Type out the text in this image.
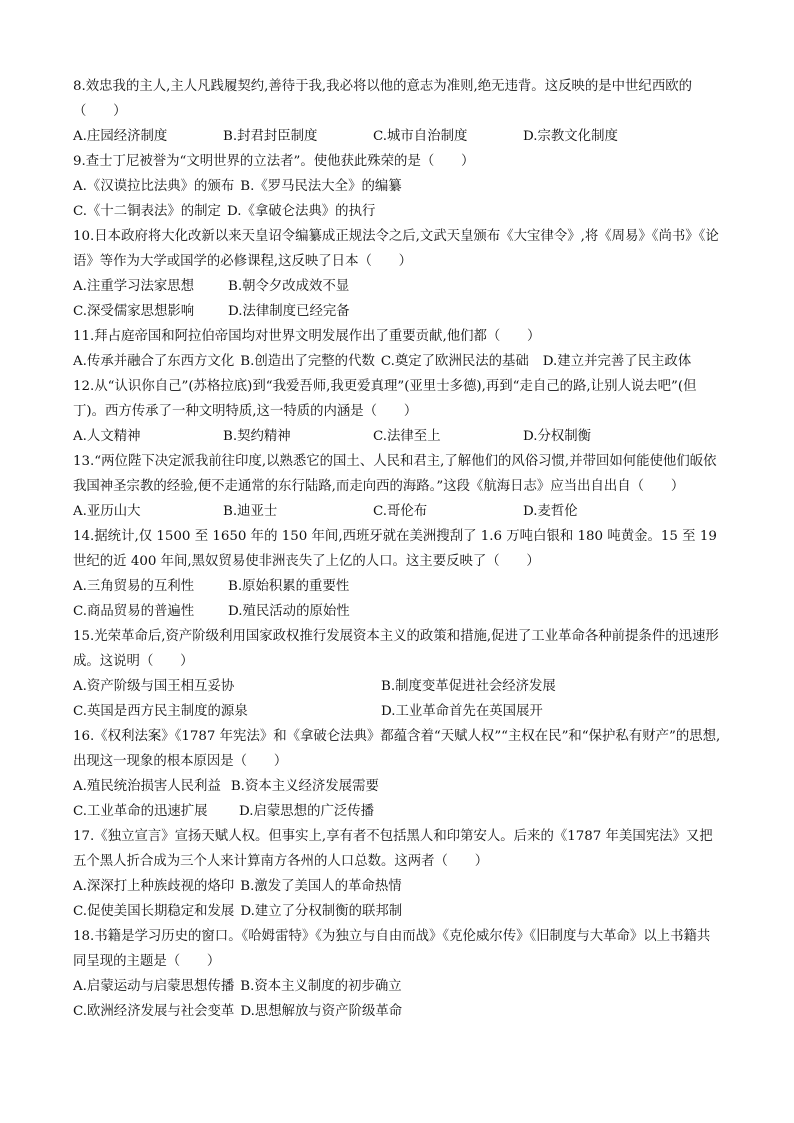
8.效忠我的主人,主人凡践履契约,善待于我,我必将以他的意志为准则,绝无违背。这反映的是中世纪西欧的（　　）
A.庄园经济制度	B.封君封臣制度	C.城市自治制度	D.宗教文化制度
9.查士丁尼被誉为“文明世界的立法者”。使他获此殊荣的是（　　）
A.《汉谟拉比法典》的颁布 B.《罗马民法大全》的编纂
C.《十二铜表法》的制定 D.《拿破仑法典》的执行
10.日本政府将大化改新以来天皇诏令编纂成正规法令之后,文武天皇颁布《大宝律令》,将《周易》《尚书》《论语》等作为大学或国学的必修课程,这反映了日本（　　）
A.注重学习法家思想	B.朝令夕改成效不显
C.深受儒家思想影响	D.法律制度已经完备
11.拜占庭帝国和阿拉伯帝国均对世界文明发展作出了重要贡献,他们都（　　）
A.传承并融合了东西方文化 B.创造出了完整的代数 C.奠定了欧洲民法的基础 D.建立并完善了民主政体
12.从“认识你自己”(苏格拉底)到“我爱吾师,我更爱真理”(亚里士多德),再到“走自己的路,让别人说去吧”(但丁)。西方传承了一种文明特质,这一特质的内涵是（　　）
A.人文精神	B.契约精神	C.法律至上	D.分权制衡
13.“两位陛下决定派我前往印度,以熟悉它的国土、人民和君主,了解他们的风俗习惯,并带回如何能使他们皈依我国神圣宗教的经验,便不走通常的东行陆路,而走向西的海路。”这段《航海日志》应当出自出自（　　）
A.亚历山大	B.迪亚士	C.哥伦布	D.麦哲伦
14.据统计,仅 1500 至 1650 年的 150 年间,西班牙就在美洲搜刮了 1.6 万吨白银和 180 吨黄金。15 至 19 世纪的近 400 年间,黑奴贸易使非洲丧失了上亿的人口。这主要反映了（　　）
A.三角贸易的互利性	B.原始积累的重要性
C.商品贸易的普遍性	D.殖民活动的原始性
15.光荣革命后,资产阶级利用国家政权推行发展资本主义的政策和措施,促进了工业革命各种前提条件的迅速形成。这说明（　　）
A.资产阶级与国王相互妥协	B.制度变革促进社会经济发展
C.英国是西方民主制度的源泉	D.工业革命首先在英国展开
16.《权利法案》《1787 年宪法》和《拿破仑法典》都蕴含着“天赋人权”“主权在民”和“保护私有财产”的思想,出现这一现象的根本原因是（　　）
A.殖民统治损害人民利益 B.资本主义经济发展需要
C.工业革命的迅速扩展	D.启蒙思想的广泛传播
17.《独立宣言》宣扬天赋人权。但事实上,享有者不包括黑人和印第安人。后来的《1787 年美国宪法》又把五个黑人折合成为三个人来计算南方各州的人口总数。这两者（　　）
A.深深打上种族歧视的烙印 B.激发了美国人的革命热情
C.促使美国长期稳定和发展 D.建立了分权制衡的联邦制
18.书籍是学习历史的窗口。《哈姆雷特》《为独立与自由而战》《克伦威尔传》《旧制度与大革命》以上书籍共同呈现的主题是（　　）
A.启蒙运动与启蒙思想传播 B.资本主义制度的初步确立
C.欧洲经济发展与社会变革 D.思想解放与资产阶级革命
